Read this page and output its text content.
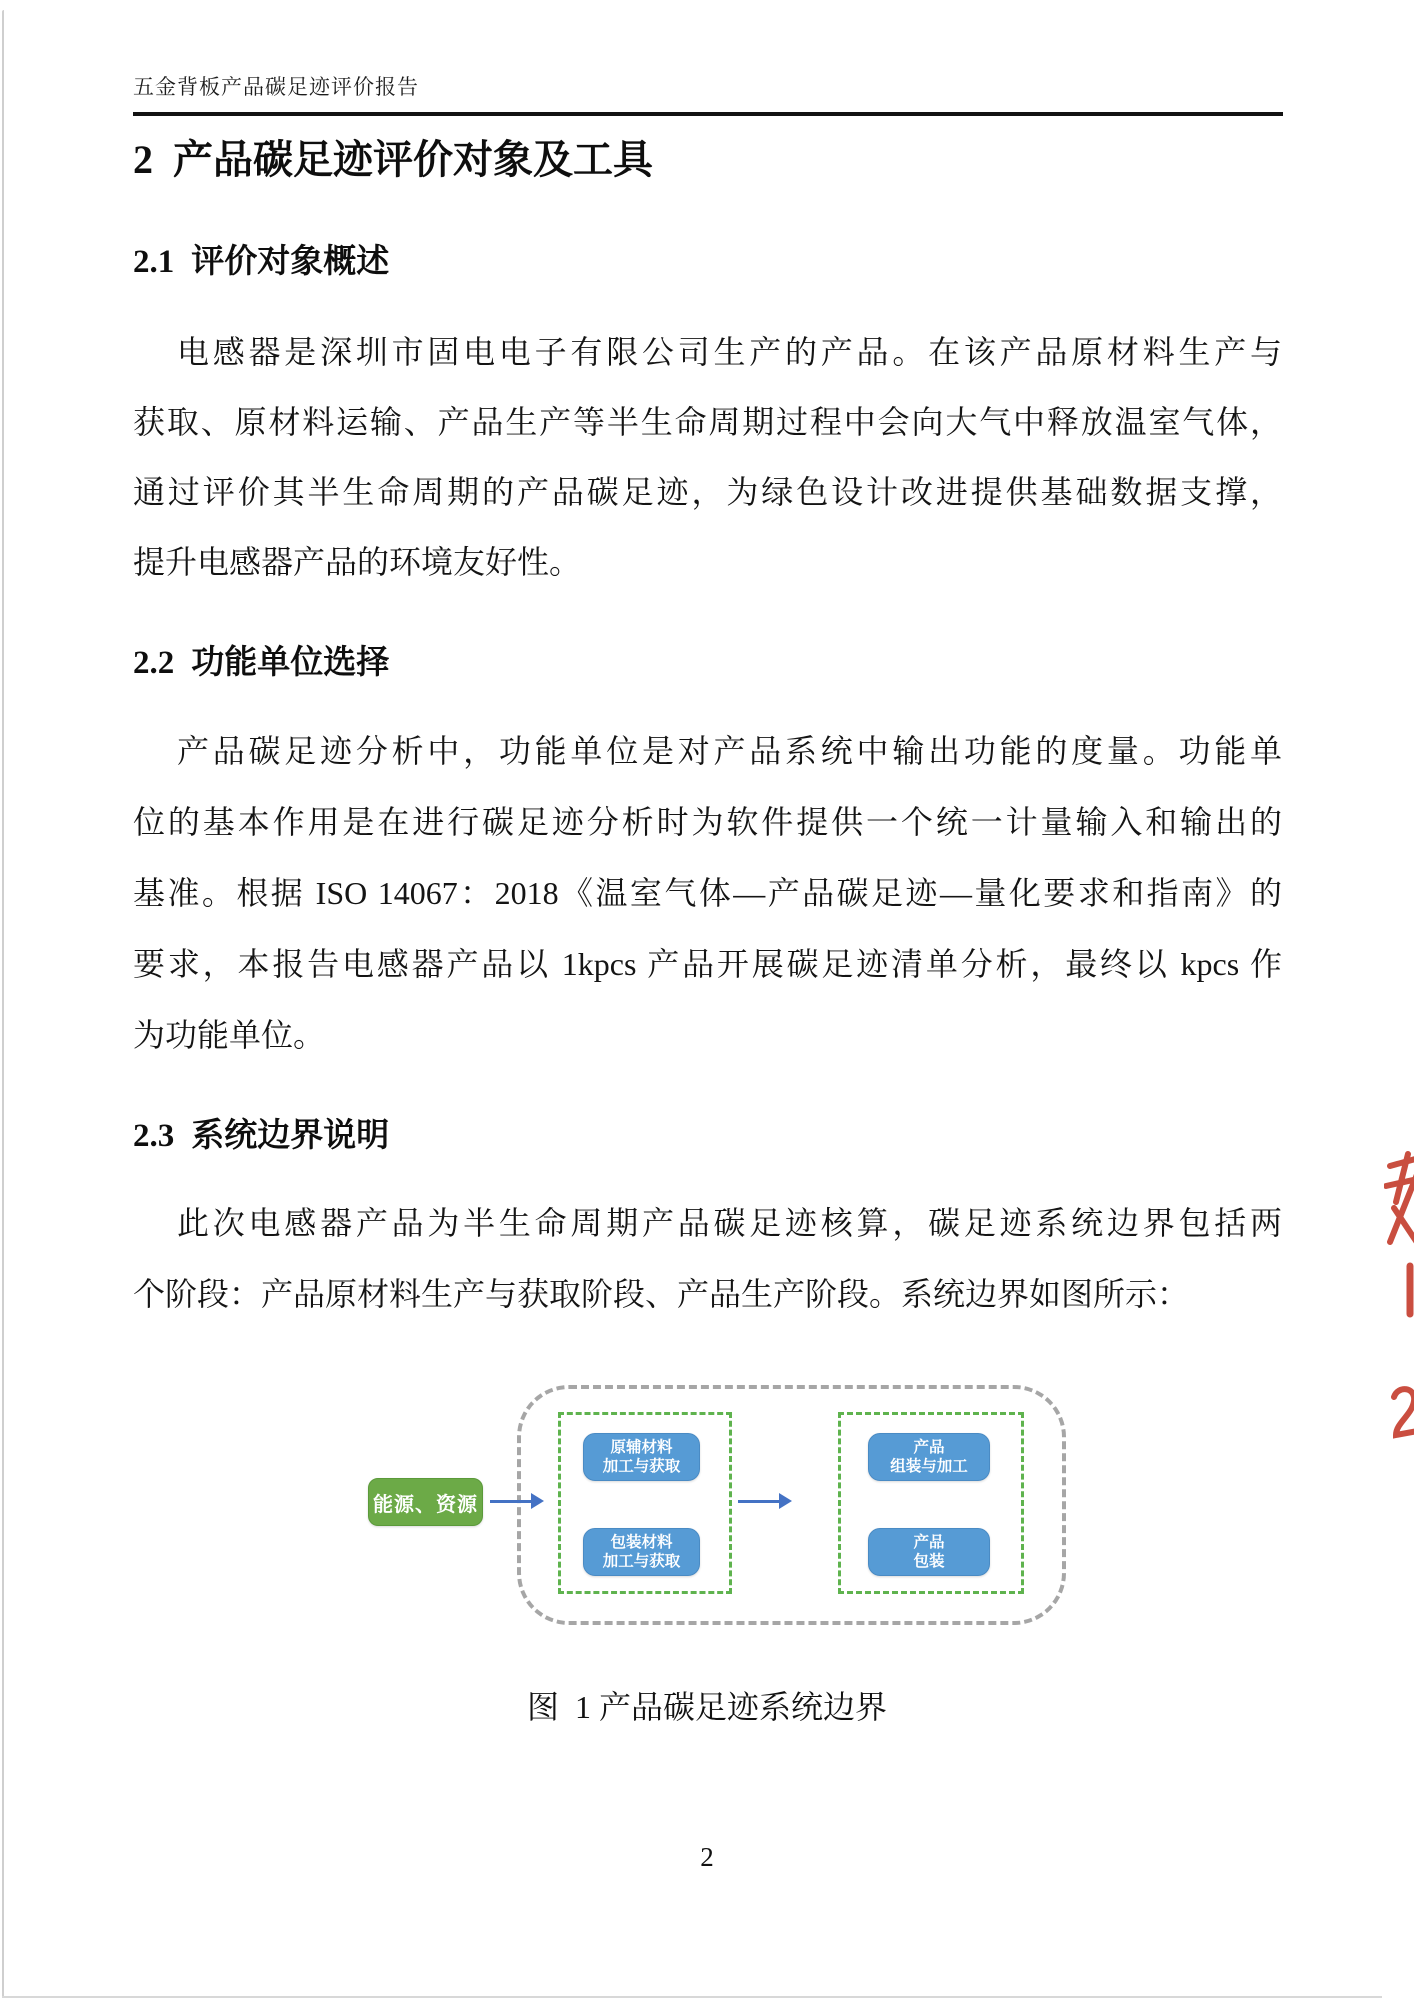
五金背板产品碳足迹评价报告
2 产品碳足迹评价对象及工具
2.1 评价对象概述
电感器是深圳市固电电子有限公司生产的产品。在该产品原材料生产与
获取、原材料运输、产品生产等半生命周期过程中会向大气中释放温室气体，
通过评价其半生命周期的产品碳足迹，为绿色设计改进提供基础数据支撑，
提升电感器产品的环境友好性。
2.2 功能单位选择
产品碳足迹分析中，功能单位是对产品系统中输出功能的度量。功能单
位的基本作用是在进行碳足迹分析时为软件提供一个统一计量输入和输出的
基准。根据 ISO 14067：2018《温室气体—产品碳足迹—量化要求和指南》的
要求，本报告电感器产品以 1kpcs 产品开展碳足迹清单分析，最终以 kpcs 作
为功能单位。
2.3 系统边界说明
此次电感器产品为半生命周期产品碳足迹核算，碳足迹系统边界包括两
个阶段：产品原材料生产与获取阶段、产品生产阶段。系统边界如图所示：
能源、资源
原辅材料
加工与获取
包装材料
加工与获取
产品
组装与加工
产品
包装
图  1 产品碳足迹系统边界
2
